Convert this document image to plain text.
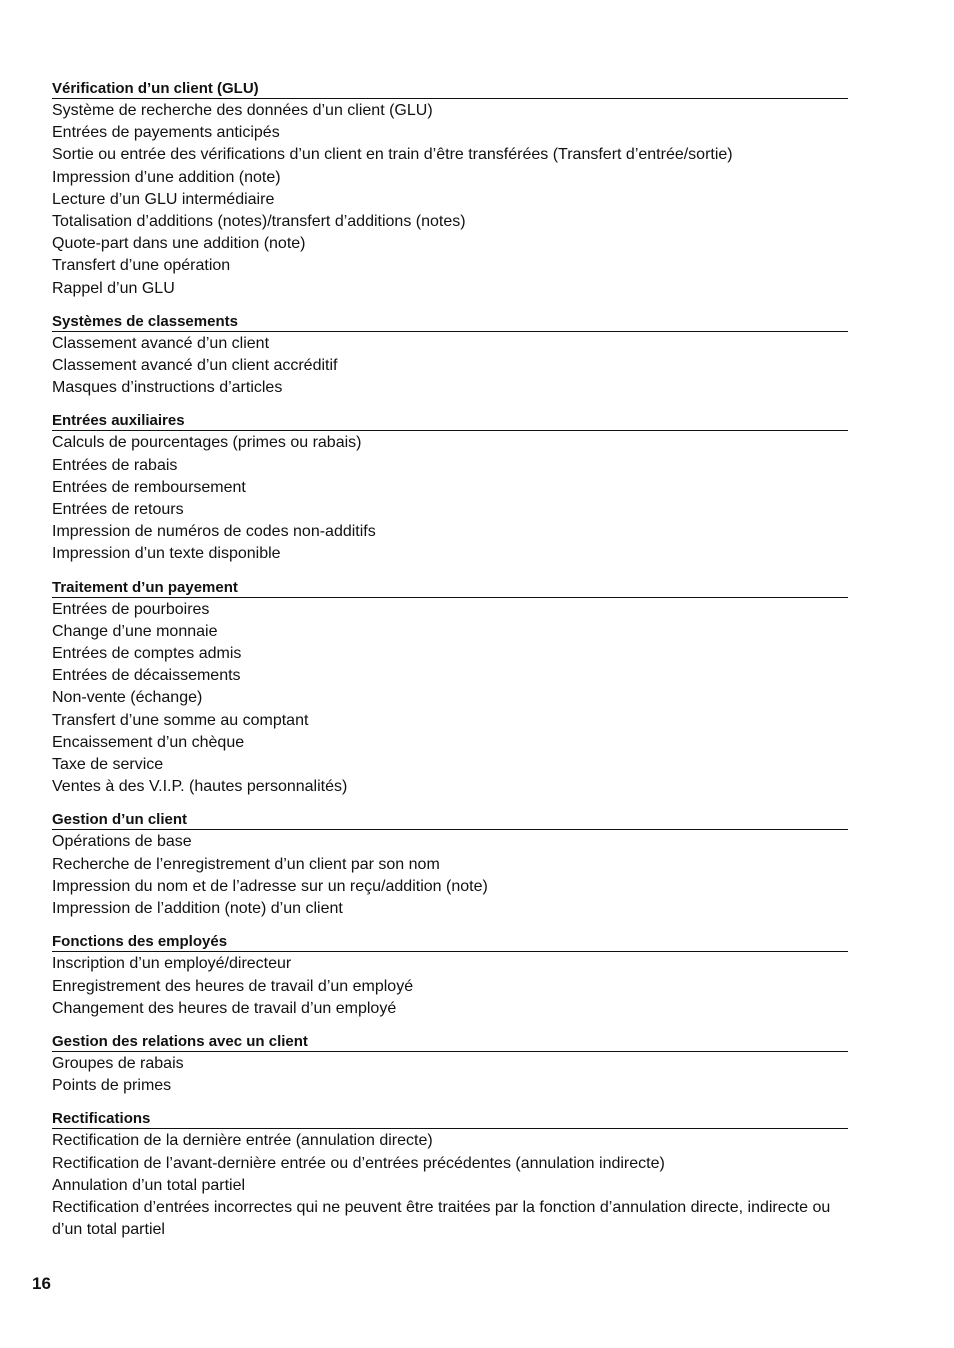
Vérification d’un client (GLU)
Système de recherche des données d’un client (GLU)
Entrées de payements anticipés
Sortie ou entrée des vérifications d’un client en train d’être transférées (Transfert d’entrée/sortie)
Impression d’une addition (note)
Lecture d’un GLU intermédiaire
Totalisation d’additions (notes)/transfert d’additions (notes)
Quote-part dans une addition (note)
Transfert d’une opération
Rappel d’un GLU
Systèmes de classements
Classement avancé d’un client
Classement avancé d’un client accréditif
Masques d’instructions d’articles
Entrées auxiliaires
Calculs de pourcentages (primes ou rabais)
Entrées de rabais
Entrées de remboursement
Entrées de retours
Impression de numéros de codes non-additifs
Impression d’un texte disponible
Traitement d’un payement
Entrées de pourboires
Change d’une monnaie
Entrées de comptes admis
Entrées de décaissements
Non-vente (échange)
Transfert d’une somme au comptant
Encaissement d’un chèque
Taxe de service
Ventes à des V.I.P. (hautes personnalités)
Gestion d’un client
Opérations de base
Recherche de l’enregistrement d’un client par son nom
Impression du nom et de l’adresse sur un reçu/addition (note)
Impression de l’addition (note) d’un client
Fonctions des employés
Inscription d’un employé/directeur
Enregistrement des heures de travail d’un employé
Changement des heures de travail d’un employé
Gestion des relations avec un client
Groupes de rabais
Points de primes
Rectifications
Rectification de la dernière entrée (annulation directe)
Rectification de l’avant-dernière entrée ou d’entrées précédentes (annulation indirecte)
Annulation d’un total partiel
Rectification d’entrées incorrectes qui ne peuvent être traitées par la fonction d’annulation directe, indirecte ou d’un total partiel
16
